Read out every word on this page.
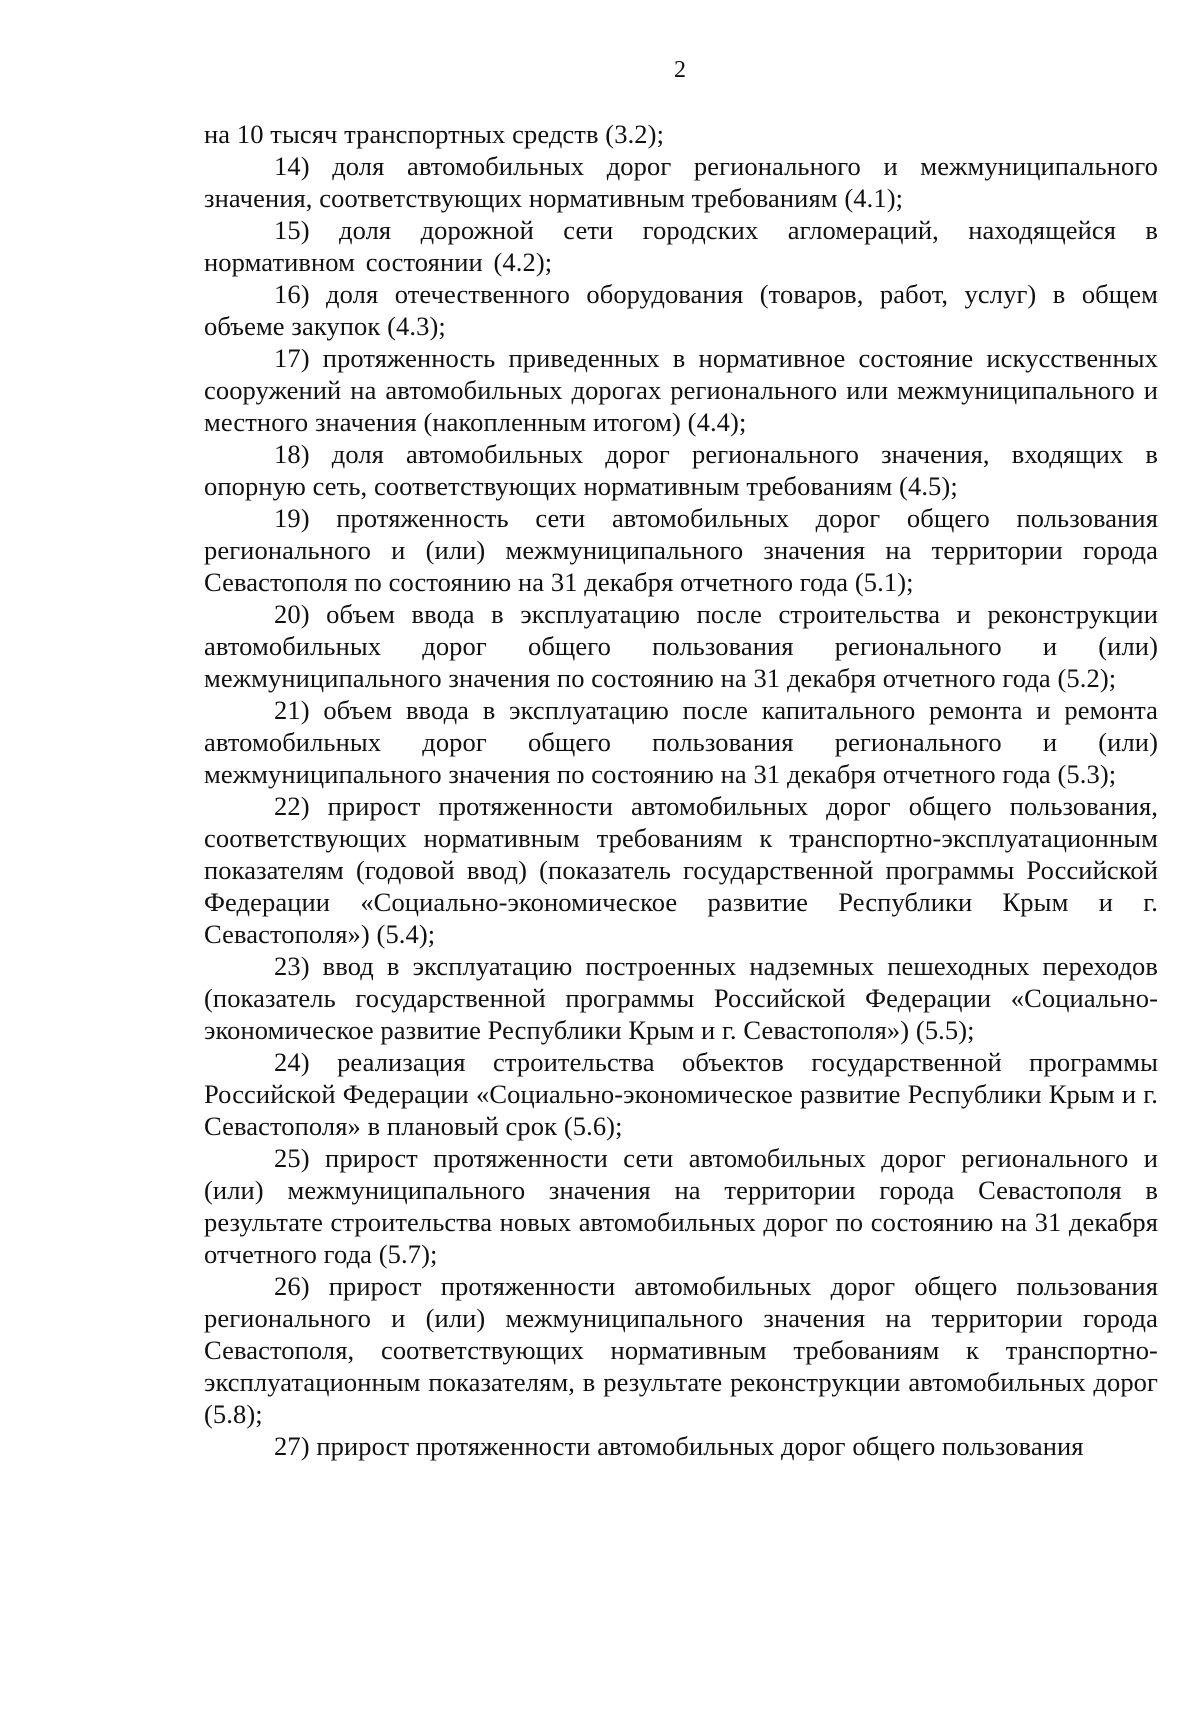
2

на 10 тысяч транспортных средств (3.2);

14) доля автомобильных дорог регионального и межмуниципального значения, соответствующих нормативным требованиям (4.1);

15) доля дорожной сети городских агломераций, находящейся в нормативном состоянии (4.2);

16) доля отечественного оборудования (товаров, работ, услуг) в общем объеме закупок (4.3);

17) протяженность приведенных в нормативное состояние искусственных сооружений на автомобильных дорогах регионального или межмуниципального и местного значения (накопленным итогом) (4.4);

18) доля автомобильных дорог регионального значения, входящих в опорную сеть, соответствующих нормативным требованиям (4.5);

19) протяженность сети автомобильных дорог общего пользования регионального и (или) межмуниципального значения на территории города Севастополя по состоянию на 31 декабря отчетного года (5.1);

20) объем ввода в эксплуатацию после строительства и реконструкции автомобильных дорог общего пользования регионального и (или) межмуниципального значения по состоянию на 31 декабря отчетного года (5.2);

21) объем ввода в эксплуатацию после капитального ремонта и ремонта автомобильных дорог общего пользования регионального и (или) межмуниципального значения по состоянию на 31 декабря отчетного года (5.3);

22) прирост протяженности автомобильных дорог общего пользования, соответствующих нормативным требованиям к транспортно-эксплуатационным показателям (годовой ввод) (показатель государственной программы Российской Федерации «Социально-экономическое развитие Республики Крым и г. Севастополя») (5.4);

23) ввод в эксплуатацию построенных надземных пешеходных переходов (показатель государственной программы Российской Федерации «Социально-экономическое развитие Республики Крым и г. Севастополя») (5.5);

24) реализация строительства объектов государственной программы Российской Федерации «Социально-экономическое развитие Республики Крым и г. Севастополя» в плановый срок (5.6);

25) прирост протяженности сети автомобильных дорог регионального и (или) межмуниципального значения на территории города Севастополя в результате строительства новых автомобильных дорог по состоянию на 31 декабря отчетного года (5.7);

26) прирост протяженности автомобильных дорог общего пользования регионального и (или) межмуниципального значения на территории города Севастополя, соответствующих нормативным требованиям к транспортно-эксплуатационным показателям, в результате реконструкции автомобильных дорог (5.8);

27) прирост протяженности автомобильных дорог общего пользования
